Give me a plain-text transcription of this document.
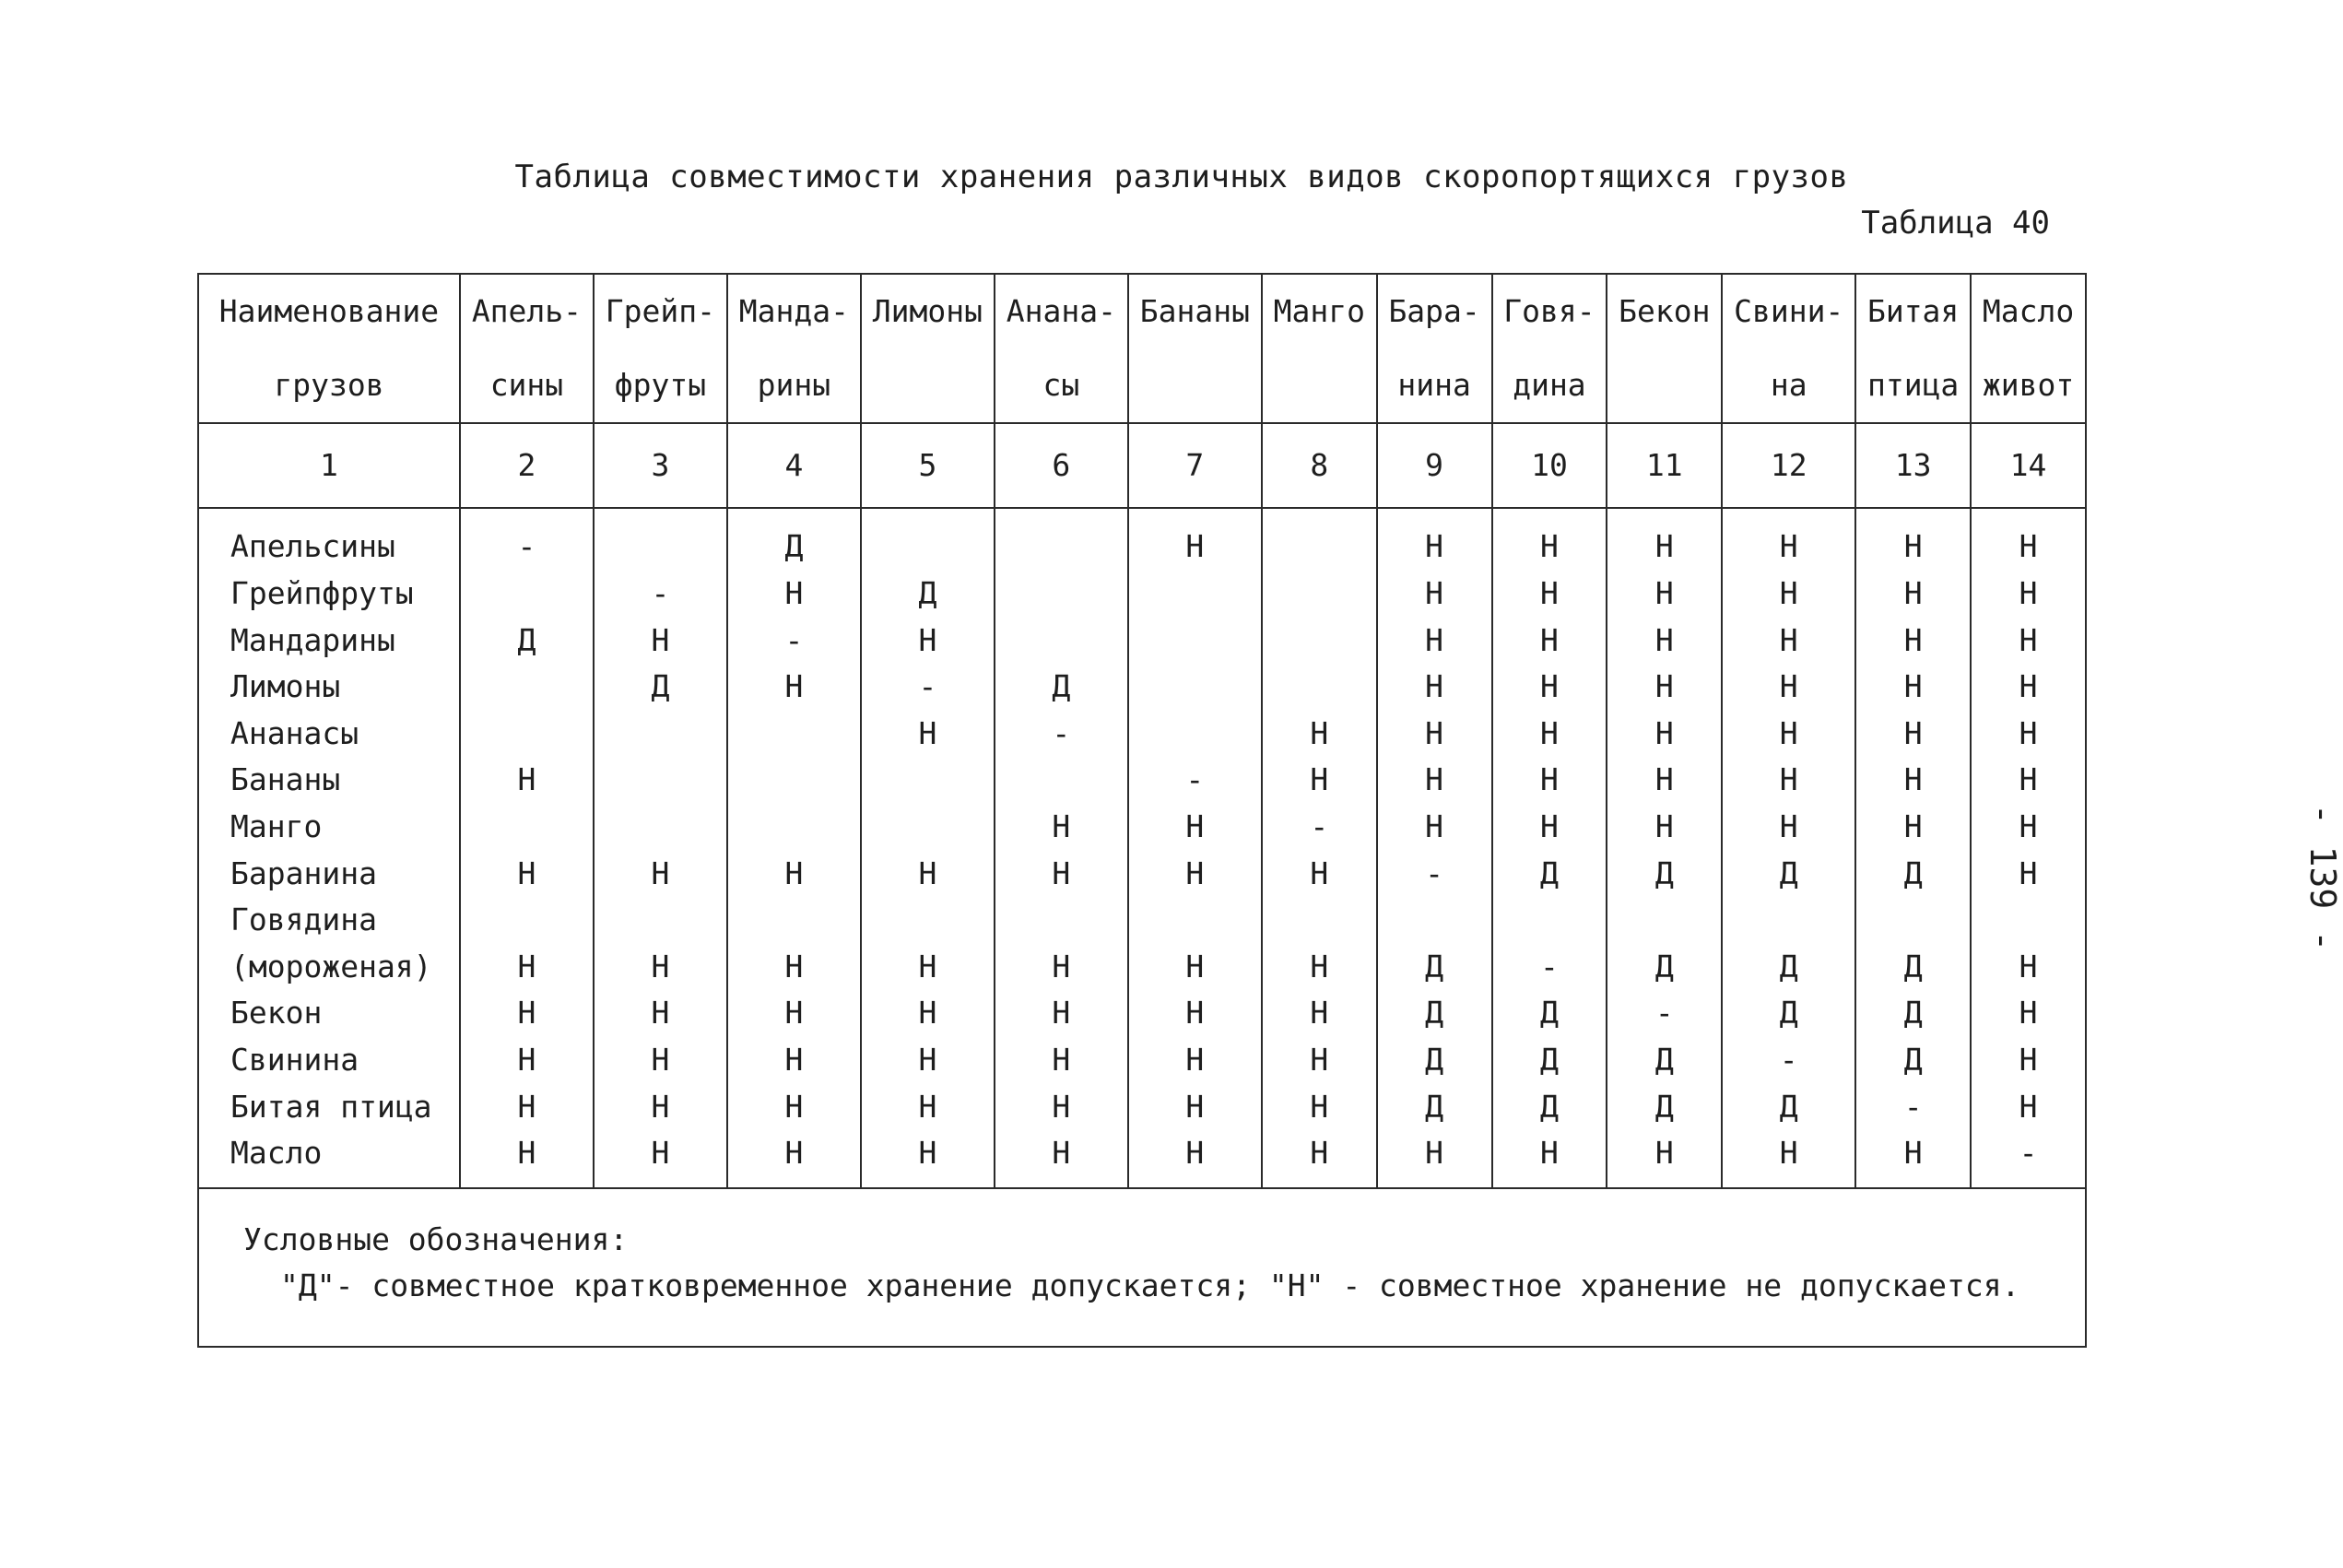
Таблица совместимости хранения различных видов скоропортящихся грузов
Таблица 40
Наименование	Апель-	Грейп-	Манда-	Лимоны	Анана-	Бананы	Манго	Бара-	Говя-	Бекон	Свини-	Битая	Масло
грузов	сины	фруты	рины		сы			нина	дина		на	птица	живот
1	2	3	4	5	6	7	8	9	10	11	12	13	14
Апельсины	-		Д			Н		Н	Н	Н	Н	Н	Н
Грейпфруты		-	Н	Д				Н	Н	Н	Н	Н	Н
Мандарины	Д	Н	-	Н				Н	Н	Н	Н	Н	Н
Лимоны		Д	Н	-	Д			Н	Н	Н	Н	Н	Н
Ананасы				Н	-		Н	Н	Н	Н	Н	Н	Н
Бананы	Н					-	Н	Н	Н	Н	Н	Н	Н
Манго					Н	Н	-	Н	Н	Н	Н	Н	Н
Баранина	Н	Н	Н	Н	Н	Н	Н	-	Д	Д	Д	Д	Н
Говядина													
(мороженая)	Н	Н	Н	Н	Н	Н	Н	Д	-	Д	Д	Д	Н
Бекон	Н	Н	Н	Н	Н	Н	Н	Д	Д	-	Д	Д	Н
Свинина	Н	Н	Н	Н	Н	Н	Н	Д	Д	Д	-	Д	Н
Битая птица	Н	Н	Н	Н	Н	Н	Н	Д	Д	Д	Д	-	Н
Масло	Н	Н	Н	Н	Н	Н	Н	Н	Н	Н	Н	Н	-
Условные обозначения:
"Д"- совместное кратковременное хранение допускается; "Н" - совместное хранение не допускается.													
- 139 -
